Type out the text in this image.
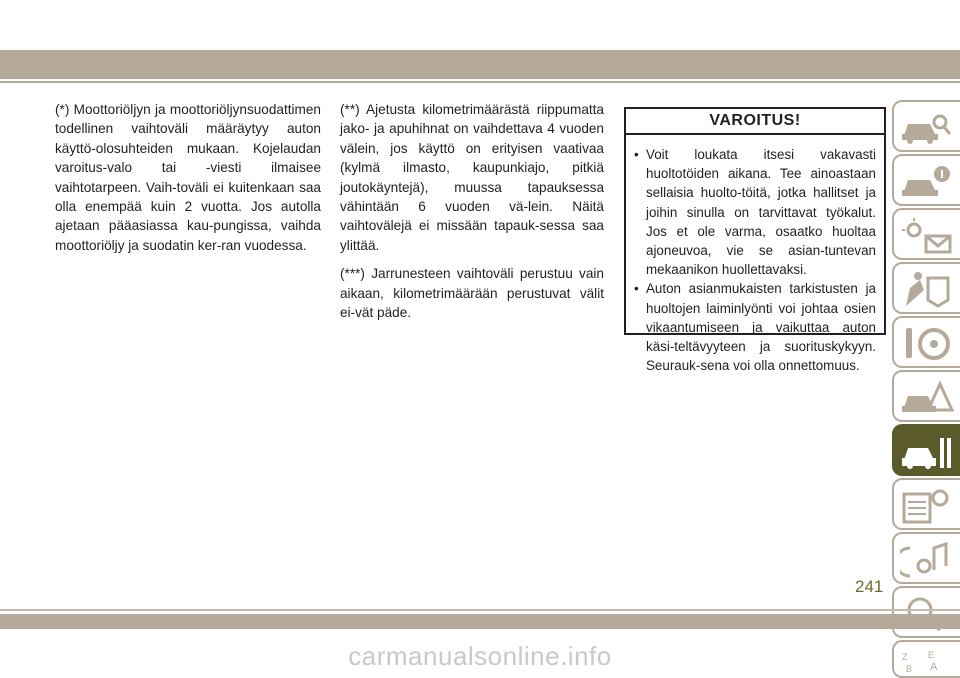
(*) Moottoriöljyn ja moottoriöljynsuodattimen todellinen vaihtoväli määräytyy auton käyttö-olosuhteiden mukaan. Kojelaudan varoitus-valo tai -viesti ilmaisee vaihtotarpeen. Vaih-toväli ei kuitenkaan saa olla enempää kuin 2 vuotta. Jos autolla ajetaan pääasiassa kau-pungissa, vaihda moottoriöljy ja suodatin ker-ran vuodessa.

(**) Ajetusta kilometrimäärästä riippumatta jako- ja apuhihnat on vaihdettava 4 vuoden välein, jos käyttö on erityisen vaativaa (kylmä ilmasto, kaupunkiajo, pitkiä joutokäyntejä), muussa tapauksessa vähintään 6 vuoden vä-lein. Näitä vaihtovälejä ei missään tapauk-sessa saa ylittää.

(***) Jarrunesteen vaihtoväli perustuu vain aikaan, kilometrimäärään perustuvat välit ei-vät päde.

VAROITUS!
• Voit loukata itsesi vakavasti huoltotöiden aikana. Tee ainoastaan sellaisia huolto-töitä, jotka hallitset ja joihin sinulla on tarvittavat työkalut. Jos et ole varma, osaatko huoltaa ajoneuvoa, vie se asian-tuntevan mekaanikon huollettavaksi.
• Auton asianmukaisten tarkistusten ja huoltojen laiminlyönti voi johtaa osien vikaantumiseen ja vaikuttaa auton käsi-teltävyyteen ja suorituskykyyn. Seurauk-sena voi olla onnettomuus.
Z E
B A
241
carmanualsonline.info
